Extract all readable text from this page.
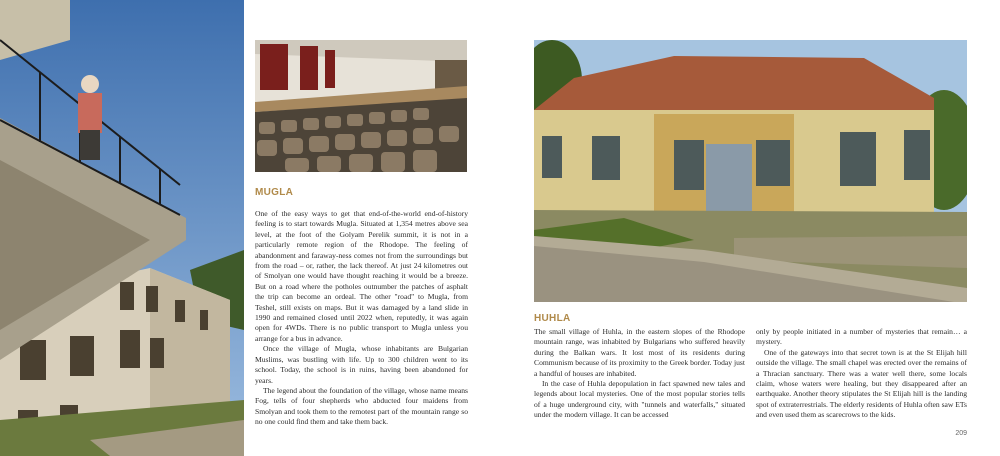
MUGLA

One of the easy ways to get that end-of-the-world end-of-history feeling is to start towards Mugla. Situated at 1,354 metres above sea level, at the foot of the Golyam Perelik summit, it is not in a particularly remote region of the Rhodope. The feeling of abandonment and faraway-ness comes not from the surroundings but from the road – or, rather, the lack thereof. At just 24 kilometres out of Smolyan one would have thought reaching it would be a breeze. But on a road where the potholes outnumber the patches of asphalt the trip can become an ordeal. The other "road" to Mugla, from Teshel, still exists on maps. But it was damaged by a land slide in 1990 and remained closed until 2022 when, reputedly, it was again open for 4WDs. There is no public transport to Mugla unless you arrange for a bus in advance.

Once the village of Mugla, whose inhabitants are Bulgarian Muslims, was bustling with life. Up to 300 children went to its school. Today, the school is in ruins, having been abandoned for years.

The legend about the foundation of the village, whose name means Fog, tells of four shepherds who abducted four maidens from Smolyan and took them to the remotest part of the mountain range so no one could find them and take them back.

HUHLA

The small village of Huhla, in the eastern slopes of the Rhodope mountain range, was inhabited by Bulgarians who suffered heavily during the Balkan wars. It lost most of its residents during Communism because of its proximity to the Greek border. Today just a handful of houses are inhabited.

In the case of Huhla depopulation in fact spawned new tales and legends about local mysteries. One of the most popular stories tells of a huge underground city, with "tunnels and waterfalls," situated under the modern village. It can be accessed

only by people initiated in a number of mysteries that remain… a mystery.

One of the gateways into that secret town is at the St Elijah hill outside the village. The small chapel was erected over the remains of a Thracian sanctuary. There was a water well there, some locals claim, whose waters were healing, but they disappeared after an earthquake. Another theory stipulates the St Elijah hill is the landing spot of extraterrestrials. The elderly residents of Huhla often saw ETs and even used them as scarecrows to the kids.

209
